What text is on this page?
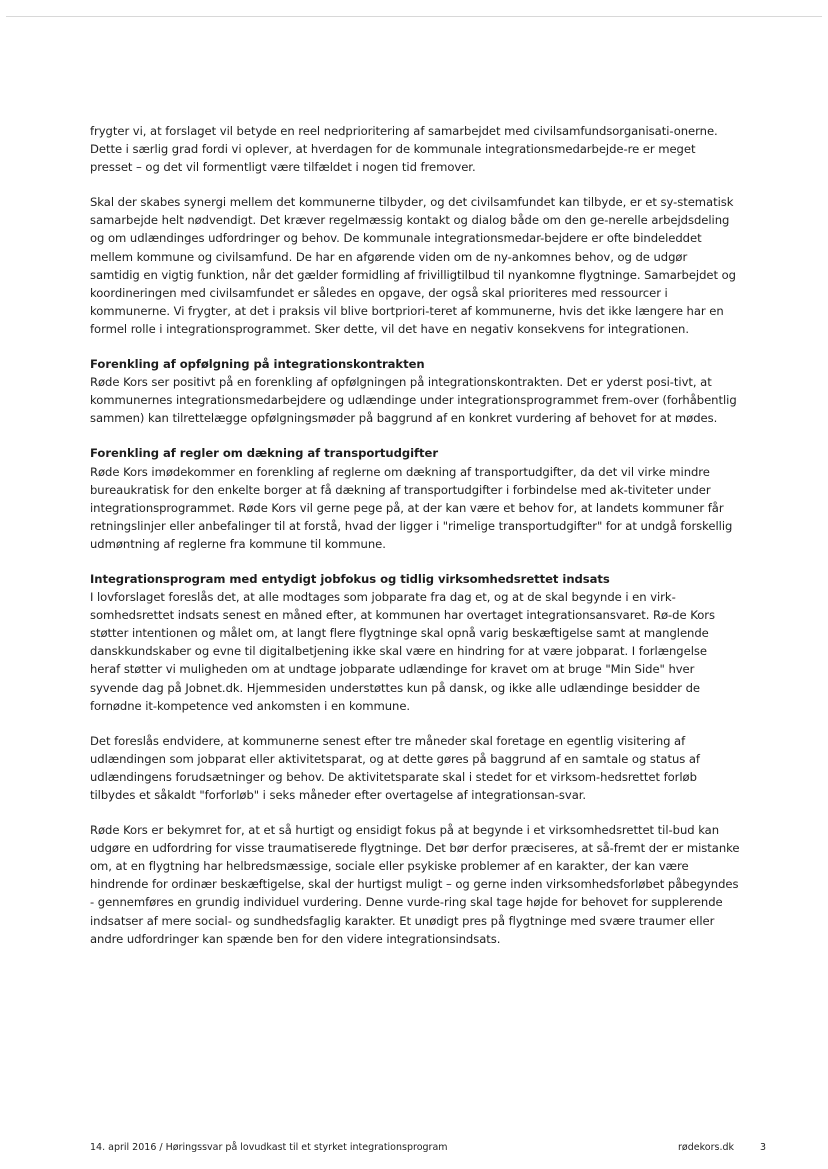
frygter vi, at forslaget vil betyde en reel nedprioritering af samarbejdet med civilsamfundsorganisati-onerne. Dette i særlig grad fordi vi oplever, at hverdagen for de kommunale integrationsmedarbejde-re er meget presset – og det vil formentligt være tilfældet i nogen tid fremover.

Skal der skabes synergi mellem det kommunerne tilbyder, og det civilsamfundet kan tilbyde, er et sy-stematisk samarbejde helt nødvendigt. Det kræver regelmæssig kontakt og dialog både om den ge-nerelle arbejdsdeling og om udlændinges udfordringer og behov. De kommunale integrationsmedar-bejdere er ofte bindeleddet mellem kommune og civilsamfund. De har en afgørende viden om de ny-ankomnes behov, og de udgør samtidig en vigtig funktion, når det gælder formidling af frivilligtilbud til nyankomne flygtninge. Samarbejdet og koordineringen med civilsamfundet er således en opgave, der også skal prioriteres med ressourcer i kommunerne. Vi frygter, at det i praksis vil blive bortpriori-teret af kommunerne, hvis det ikke længere har en formel rolle i integrationsprogrammet. Sker dette, vil det have en negativ konsekvens for integrationen.

Forenkling af opfølgning på integrationskontrakten

Røde Kors ser positivt på en forenkling af opfølgningen på integrationskontrakten. Det er yderst posi-tivt, at kommunernes integrationsmedarbejdere og udlændinge under integrationsprogrammet frem-over (forhåbentlig sammen) kan tilrettelægge opfølgningsmøder på baggrund af en konkret vurdering af behovet for at mødes.

Forenkling af regler om dækning af transportudgifter

Røde Kors imødekommer en forenkling af reglerne om dækning af transportudgifter, da det vil virke mindre bureaukratisk for den enkelte borger at få dækning af transportudgifter i forbindelse med ak-tiviteter under integrationsprogrammet. Røde Kors vil gerne pege på, at der kan være et behov for, at landets kommuner får retningslinjer eller anbefalinger til at forstå, hvad der ligger i "rimelige transportudgifter" for at undgå forskellig udmøntning af reglerne fra kommune til kommune.

Integrationsprogram med entydigt jobfokus og tidlig virksomhedsrettet indsats

I lovforslaget foreslås det, at alle modtages som jobparate fra dag et, og at de skal begynde i en virk-somhedsrettet indsats senest en måned efter, at kommunen har overtaget integrationsansvaret. Rø-de Kors støtter intentionen og målet om, at langt flere flygtninge skal opnå varig beskæftigelse samt at manglende danskkundskaber og evne til digitalbetjening ikke skal være en hindring for at være jobparat. I forlængelse heraf støtter vi muligheden om at undtage jobparate udlændinge for kravet om at bruge "Min Side" hver syvende dag på Jobnet.dk. Hjemmesiden understøttes kun på dansk, og ikke alle udlændinge besidder de fornødne it-kompetence ved ankomsten i en kommune.

Det foreslås endvidere, at kommunerne senest efter tre måneder skal foretage en egentlig visitering af udlændingen som jobparat eller aktivitetsparat, og at dette gøres på baggrund af en samtale og status af udlændingens forudsætninger og behov. De aktivitetsparate skal i stedet for et virksom-hedsrettet forløb tilbydes et såkaldt "forforløb" i seks måneder efter overtagelse af integrationsan-svar.

Røde Kors er bekymret for, at et så hurtigt og ensidigt fokus på at begynde i et virksomhedsrettet til-bud kan udgøre en udfordring for visse traumatiserede flygtninge. Det bør derfor præciseres, at så-fremt der er mistanke om, at en flygtning har helbredsmæssige, sociale eller psykiske problemer af en karakter, der kan være hindrende for ordinær beskæftigelse, skal der hurtigst muligt – og gerne inden virksomhedsforløbet påbegyndes - gennemføres en grundig individuel vurdering. Denne vurde-ring skal tage højde for behovet for supplerende indsatser af mere social- og sundhedsfaglig karakter. Et unødigt pres på flygtninge med svære traumer eller andre udfordringer kan spænde ben for den videre integrationsindsats.

14. april 2016 / Høringssvar på lovudkast til et styrket integrationsprogram	rødekors.dk	3
